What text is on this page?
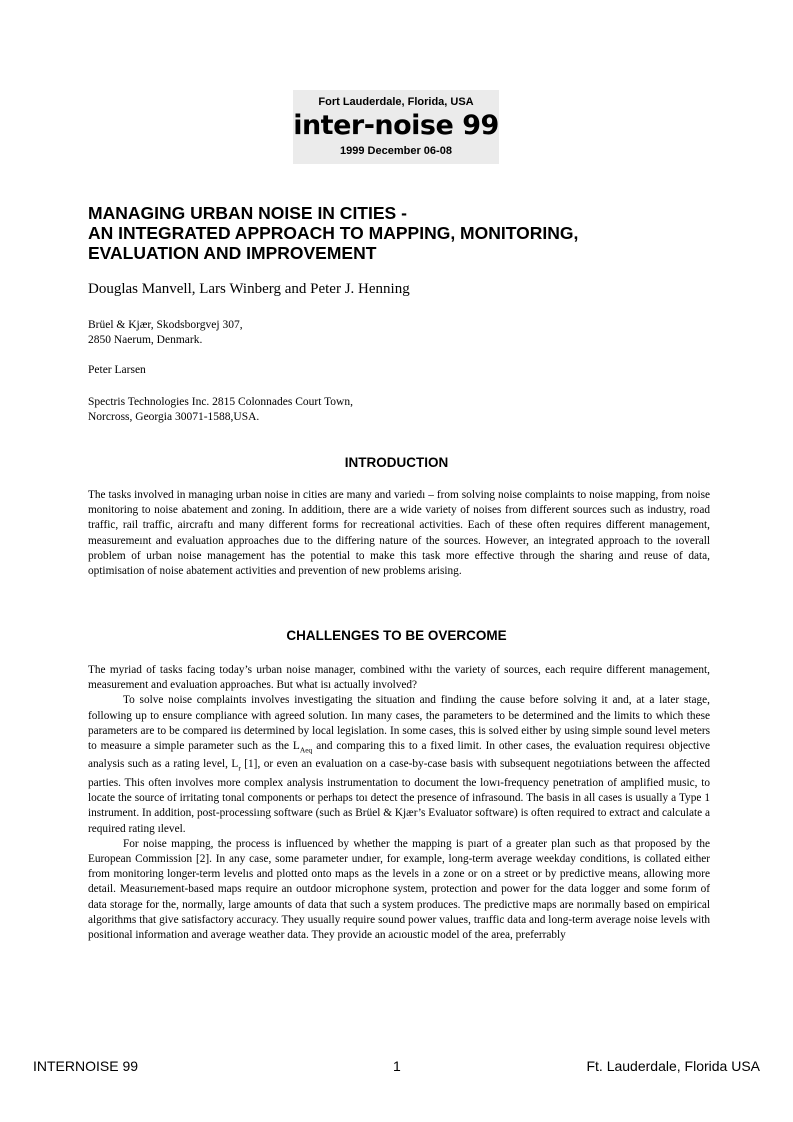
Fort Lauderdale, Florida, USA
inter-noise 99
1999 December 06-08
MANAGING URBAN NOISE IN CITIES -
AN INTEGRATED APPROACH TO MAPPING, MONITORING,
EVALUATION AND IMPROVEMENT
Douglas Manvell, Lars Winberg and Peter J. Henning
Brüel & Kjær, Skodsborgvej 307,
2850 Naerum, Denmark.
Peter Larsen
Spectris Technologies Inc. 2815 Colonnades Court Town,
Norcross, Georgia 30071-1588,USA.
INTRODUCTION

The tasks involved in managing urban noise in cities are many and variedı – from solving noise complaints to noise mapping, from noise monitoring to noise abatement and zoning. In additioın, there are a wide variety of noises from different sources such as industry, road traffic, rail traffic, aircraftı and many different forms for recreational activities. Each of these often requires different management, measuremeınt and evaluation approaches due to the differing nature of the sources. However, an integrated approach to the ıoverall problem of urban noise management has the potential to make this task more effective through the sharing aınd reuse of data, optimisation of noise abatement activities and prevention of new problems arising.

CHALLENGES TO BE OVERCOME

The myriad of tasks facing today’s urban noise manager, combined withı the variety of sources, each require different management, measurement and evaluation approaches. But what isı actually involved?

To solve noise complaints involves investigating the situation and findiıng the cause before solving it and, at a later stage, following up to ensure compliance with agreed solution. Iın many cases, the parameters to be determined and the limits to which these parameters are to be compared iıs determined by local legislation. In some cases, this is solved either by using simple sound level meters to measuıre a simple parameter such as the $L_{Aeq}$ and comparing this to a fixed limit. In other cases, the evaluation requiresı objective analysis such as a rating level, $L_r$ [1], or even an evaluation on a case-by-case basis with subsequent negotıiations between the affected parties. This often involves more complex analysis instrumentation to document the lowı-frequency penetration of amplified music, to locate the source of irritating tonal components or perhaps toı detect the presence of infrasound. The basis in all cases is usually a Type 1 instrument. In addition, post-processiıng software (such as Brüel & Kjær’s Evaluator software) is often required to extract and calculate a required rating ılevel.

For noise mapping, the process is influenced by whether the mapping is pıart of a greater plan such as that proposed by the European Commission [2]. In any case, some parameter undıer, for example, long-term average weekday conditions, is collated either from monitoring longer-term levelıs and plotted onto maps as the levels in a zone or on a street or by predictive means, allowing more detail. Measurıement-based maps require an outdoor microphone system, protection and power for the data logger and some forım of data storage for the, normally, large amounts of data that such a system produces. The predictive maps are norımally based on empirical algorithms that give satisfactory accuracy. They usually require sound power values, traıffic data and long-term average noise levels with positional information and average weather data. They provide an acıoustic model of the area, preferrably

INTERNOISE 99	1	Ft. Lauderdale, Florida USA
